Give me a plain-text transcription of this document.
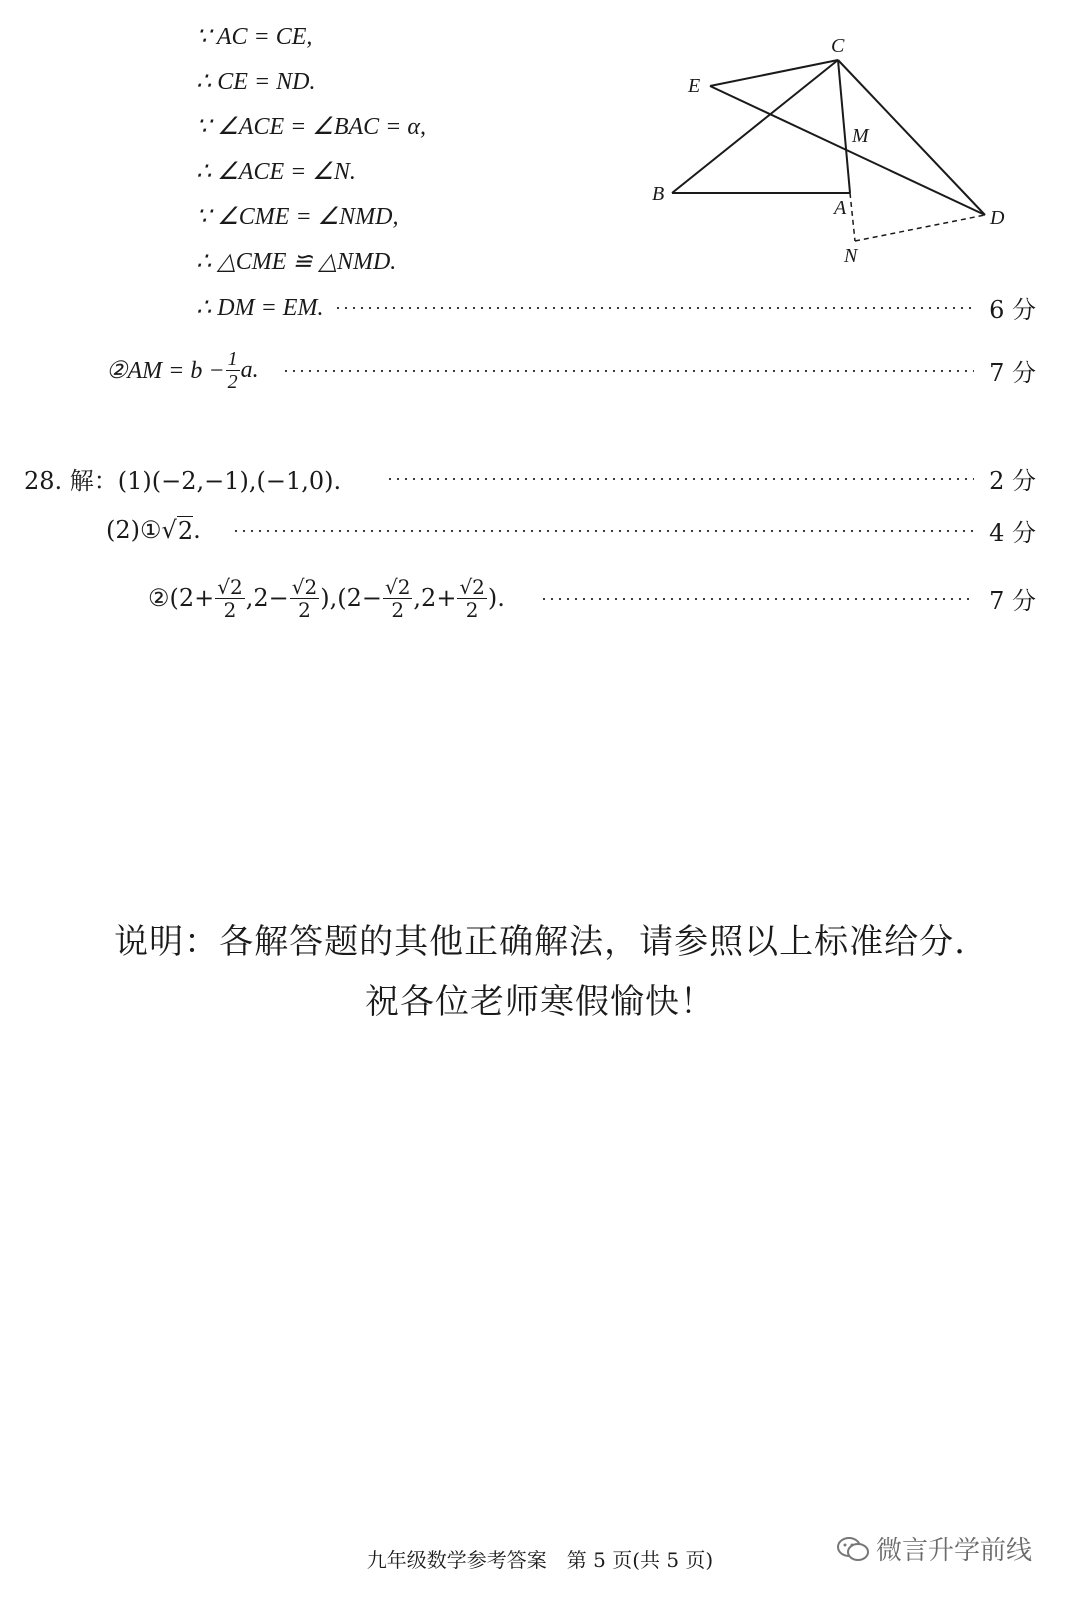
∵ AC = CE,
∴ CE = ND.
∵ ∠ACE = ∠BAC = α,
∴ ∠ACE = ∠N.
∵ ∠CME = ∠NMD,
∴ △CME ≌ △NMD.
∴ DM = EM.	6 分
②AM = $b - \frac{1}{2} a$.	7 分
C
E
M
B
A	D
N
28. 解：(1)(−2,−1),(−1,0).	2 分
(2)① √ 2 .	4 分
②(2+ $\frac{√2}{2} ,2- \frac{√2}{2} ),(2- \frac{√2}{2} ,2+ \frac{√2}{2}$ ).	7 分
说明：各解答题的其他正确解法，请参照以上标准给分.
祝各位老师寒假愉快！
九年级数学参考答案　第 5 页(共 5 页)	微言升学前线
